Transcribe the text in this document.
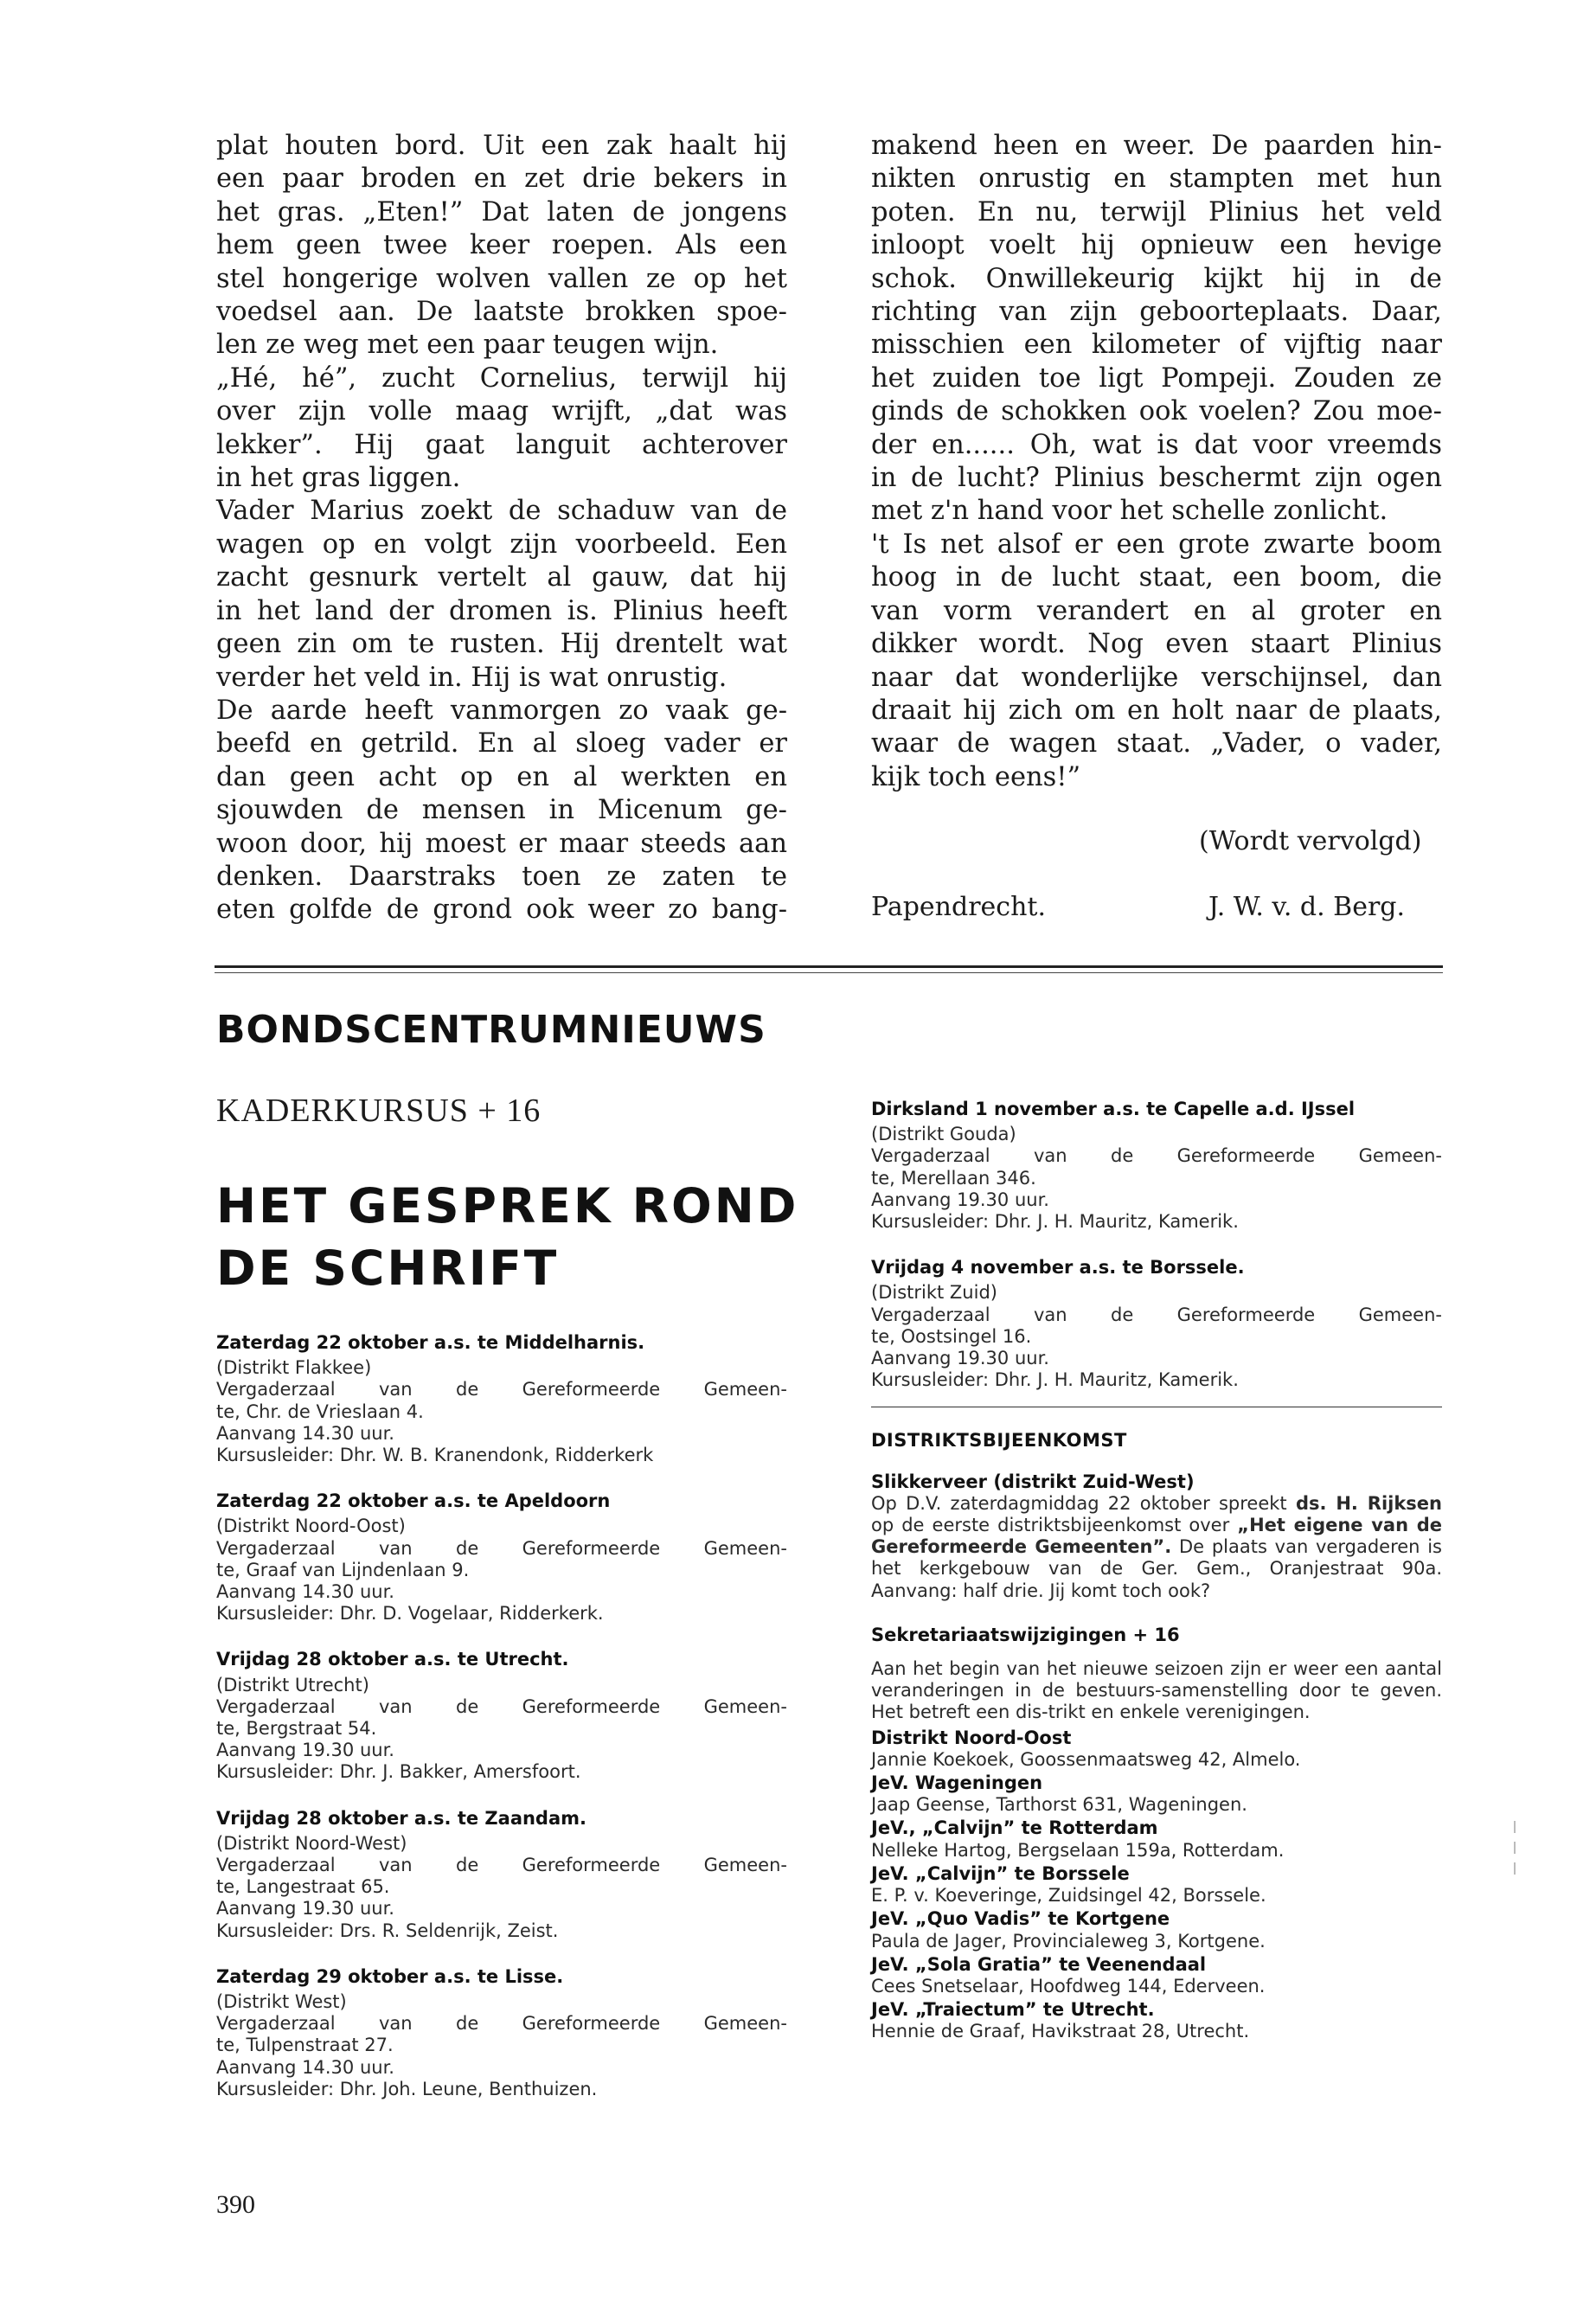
plat houten bord. Uit een zak haalt hij

een paar broden en zet drie bekers in

het gras. „Eten!” Dat laten de jongens

hem geen twee keer roepen. Als een

stel hongerige wolven vallen ze op het

voedsel aan. De laatste brokken spoe-

len ze weg met een paar teugen wijn.

„Hé, hé”, zucht Cornelius, terwijl hij

over zijn volle maag wrijft, „dat was

lekker”. Hij gaat languit achterover

in het gras liggen.

Vader Marius zoekt de schaduw van de

wagen op en volgt zijn voorbeeld. Een

zacht gesnurk vertelt al gauw, dat hij

in het land der dromen is. Plinius heeft

geen zin om te rusten. Hij drentelt wat

verder het veld in. Hij is wat onrustig.

De aarde heeft vanmorgen zo vaak ge-

beefd en getrild. En al sloeg vader er

dan geen acht op en al werkten en

sjouwden de mensen in Micenum ge-

woon door, hij moest er maar steeds aan

denken. Daarstraks toen ze zaten te

eten golfde de grond ook weer zo bang-

makend heen en weer. De paarden hin-

nikten onrustig en stampten met hun

poten. En nu, terwijl Plinius het veld

inloopt voelt hij opnieuw een hevige

schok. Onwillekeurig kijkt hij in de

richting van zijn geboorteplaats. Daar,

misschien een kilometer of vijftig naar

het zuiden toe ligt Pompeji. Zouden ze

ginds de schokken ook voelen? Zou moe-

der en...... Oh, wat is dat voor vreemds

in de lucht? Plinius beschermt zijn ogen

met z'n hand voor het schelle zonlicht.

't Is net alsof er een grote zwarte boom

hoog in de lucht staat, een boom, die

van vorm verandert en al groter en

dikker wordt. Nog even staart Plinius

naar dat wonderlijke verschijnsel, dan

draait hij zich om en holt naar de plaats,

waar de wagen staat. „Vader, o vader,

kijk toch eens!”

(Wordt vervolgd)
Papendrecht.	J. W. v. d. Berg.
BONDSCENTRUMNIEUWS
KADERKURSUS + 16
HET GESPREK ROND
DE SCHRIFT
Zaterdag 22 oktober a.s. te Middelharnis.
(Distrikt Flakkee)
Vergaderzaal van de Gereformeerde Gemeen-
te, Chr. de Vrieslaan 4.
Aanvang 14.30 uur.
Kursusleider: Dhr. W. B. Kranendonk, Ridderkerk
Zaterdag 22 oktober a.s. te Apeldoorn
(Distrikt Noord-Oost)
Vergaderzaal van de Gereformeerde Gemeen-
te, Graaf van Lijndenlaan 9.
Aanvang 14.30 uur.
Kursusleider: Dhr. D. Vogelaar, Ridderkerk.
Vrijdag 28 oktober a.s. te Utrecht.
(Distrikt Utrecht)
Vergaderzaal van de Gereformeerde Gemeen-
te, Bergstraat 54.
Aanvang 19.30 uur.
Kursusleider: Dhr. J. Bakker, Amersfoort.
Vrijdag 28 oktober a.s. te Zaandam.
(Distrikt Noord-West)
Vergaderzaal van de Gereformeerde Gemeen-
te, Langestraat 65.
Aanvang 19.30 uur.
Kursusleider: Drs. R. Seldenrijk, Zeist.
Zaterdag 29 oktober a.s. te Lisse.
(Distrikt West)
Vergaderzaal van de Gereformeerde Gemeen-
te, Tulpenstraat 27.
Aanvang 14.30 uur.
Kursusleider: Dhr. Joh. Leune, Benthuizen.
Dirksland 1 november a.s. te Capelle a.d. IJssel
(Distrikt Gouda)
Vergaderzaal van de Gereformeerde Gemeen-
te, Merellaan 346.
Aanvang 19.30 uur.
Kursusleider: Dhr. J. H. Mauritz, Kamerik.
Vrijdag 4 november a.s. te Borssele.
(Distrikt Zuid)
Vergaderzaal van de Gereformeerde Gemeen-
te, Oostsingel 16.
Aanvang 19.30 uur.
Kursusleider: Dhr. J. H. Mauritz, Kamerik.
DISTRIKTSBIJEENKOMST
Slikkerveer (distrikt Zuid-West)

Op D.V. zaterdagmiddag 22 oktober spreekt ds. H. Rijksen op de eerste distriktsbijeenkomst over „Het eigene van de Gereformeerde Gemeenten”. De plaats van vergaderen is het kerkgebouw van de Ger. Gem., Oranjestraat 90a. Aanvang: half drie. Jij komt toch ook?

Sekretariaatswijzigingen + 16

Aan het begin van het nieuwe seizoen zijn er weer een aantal veranderingen in de bestuurs-samenstelling door te geven. Het betreft een dis-trikt en enkele verenigingen.

Distrikt Noord-Oost
Jannie Koekoek, Goossenmaatsweg 42, Almelo.
JeV. Wageningen
Jaap Geense, Tarthorst 631, Wageningen.
JeV., „Calvijn” te Rotterdam
Nelleke Hartog, Bergselaan 159a, Rotterdam.
JeV. „Calvijn” te Borssele
E. P. v. Koeveringe, Zuidsingel 42, Borssele.
JeV. „Quo Vadis” te Kortgene
Paula de Jager, Provincialeweg 3, Kortgene.
JeV. „Sola Gratia” te Veenendaal
Cees Snetselaar, Hoofdweg 144, Ederveen.
JeV. „Traiectum” te Utrecht.
Hennie de Graaf, Havikstraat 28, Utrecht.
390
